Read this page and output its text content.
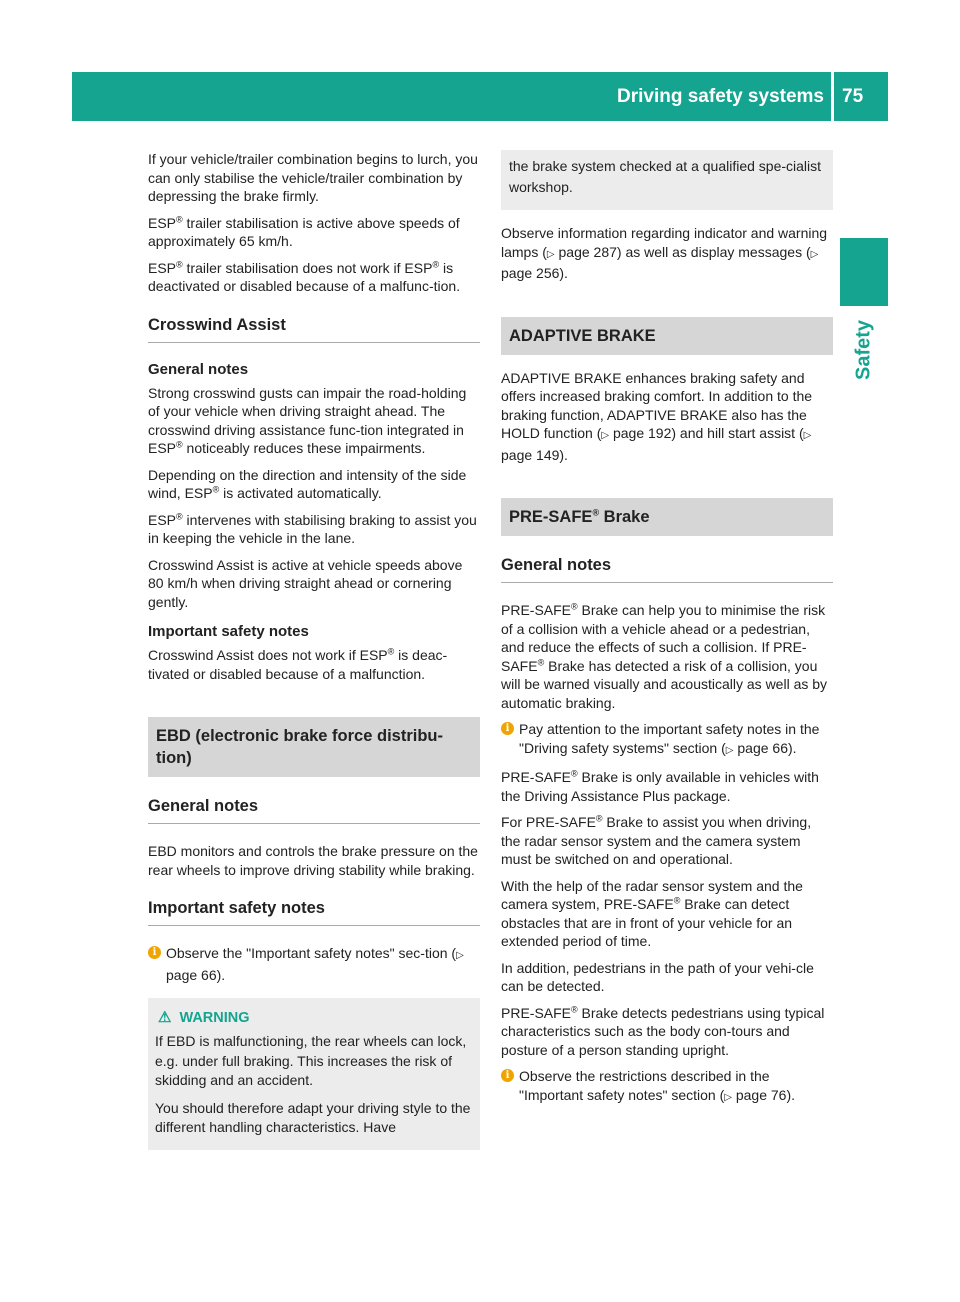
Driving safety systems 75
Safety

If your vehicle/trailer combination begins to lurch, you can only stabilise the vehicle/trailer combination by depressing the brake firmly.

ESP® trailer stabilisation is active above speeds of approximately 65 km/h.

ESP® trailer stabilisation does not work if ESP® is deactivated or disabled because of a malfunc-tion.

Crosswind Assist
General notes

Strong crosswind gusts can impair the road-holding of your vehicle when driving straight ahead. The crosswind driving assistance func-tion integrated in ESP® noticeably reduces these impairments.

Depending on the direction and intensity of the side wind, ESP® is activated automatically.

ESP® intervenes with stabilising braking to assist you in keeping the vehicle in the lane.

Crosswind Assist is active at vehicle speeds above 80 km/h when driving straight ahead or cornering gently.

Important safety notes

Crosswind Assist does not work if ESP® is deac-tivated or disabled because of a malfunction.

EBD (electronic brake force distribu-tion)
General notes

EBD monitors and controls the brake pressure on the rear wheels to improve driving stability while braking.

Important safety notes

i Observe the "Important safety notes" sec-tion (▷ page 66).

⚠ WARNING

If EBD is malfunctioning, the rear wheels can lock, e.g. under full braking. This increases the risk of skidding and an accident.

You should therefore adapt your driving style to the different handling characteristics. Have

the brake system checked at a qualified spe-cialist workshop.

Observe information regarding indicator and warning lamps (▷ page 287) as well as display messages (▷ page 256).

ADAPTIVE BRAKE

ADAPTIVE BRAKE enhances braking safety and offers increased braking comfort. In addition to the braking function, ADAPTIVE BRAKE also has the HOLD function (▷ page 192) and hill start assist (▷ page 149).

PRE-SAFE® Brake
General notes

PRE-SAFE® Brake can help you to minimise the risk of a collision with a vehicle ahead or a pedestrian, and reduce the effects of such a collision. If PRE-SAFE® Brake has detected a risk of a collision, you will be warned visually and acoustically as well as by automatic braking.

i Pay attention to the important safety notes in the "Driving safety systems" section (▷ page 66).

PRE-SAFE® Brake is only available in vehicles with the Driving Assistance Plus package.

For PRE-SAFE® Brake to assist you when driving, the radar sensor system and the camera system must be switched on and operational.

With the help of the radar sensor system and the camera system, PRE-SAFE® Brake can detect obstacles that are in front of your vehicle for an extended period of time.

In addition, pedestrians in the path of your vehi-cle can be detected.

PRE-SAFE® Brake detects pedestrians using typical characteristics such as the body con-tours and posture of a person standing upright.

i Observe the restrictions described in the "Important safety notes" section (▷ page 76).
